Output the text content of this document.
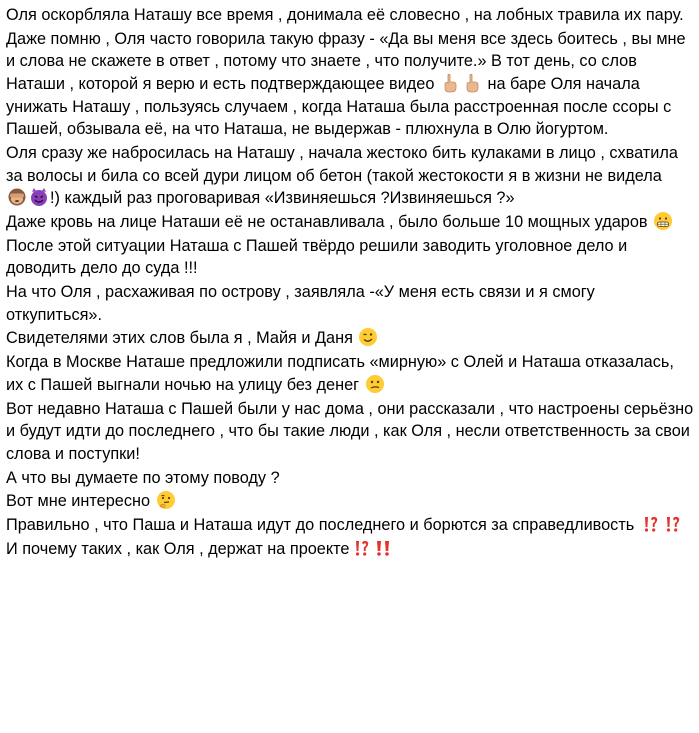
Оля оскорбляла Наташу все время , донимала её словесно , на лобных травила их пару.
Даже помню , Оля часто говорила такую фразу - «Да вы меня все здесь боитесь , вы мне и слова не скажете в ответ , потому что знаете , что получите.» В тот день, со слов Наташи , которой я верю и есть подтверждающее видео	на баре Оля начала унижать Наташу , пользуясь случаем , когда Наташа была расстроенная после ссоры с Пашей, обзывала её, на что Наташа, не выдержав - плюхнула в Олю йогуртом.
Оля сразу же набросилась на Наташу , начала жестоко бить кулаками в лицо , схватила за волосы и била со всей дури лицом об бетон (такой жестокости я в жизни не видела
!) каждый раз проговаривая «Извиняешься ?Извиняешься ?»
Даже кровь на лице Наташи её не останавливала , было больше 10 мощных ударов
После этой ситуации Наташа с Пашей твёрдо решили заводить уголовное дело и доводить дело до суда !!!
На что Оля , расхаживая по острову , заявляла -«У меня есть связи и я смогу откупиться».
Свидетелями этих слов была я , Майя и Даня
Когда в Москве Наташе предложили подписать «мирную» с Олей и Наташа отказалась, их с Пашей выгнали ночью на улицу без денег
Вот недавно Наташа с Пашей были у нас дома , они рассказали , что настроены серьёзно и будут идти до последнего , что бы такие люди , как Оля , несли ответственность за свои слова и поступки!
А что вы думаете по этому поводу ?
Вот мне интересно
Правильно , что Паша и Наташа идут до последнего и борются за справедливость
И почему таких , как Оля , держат на проекте
